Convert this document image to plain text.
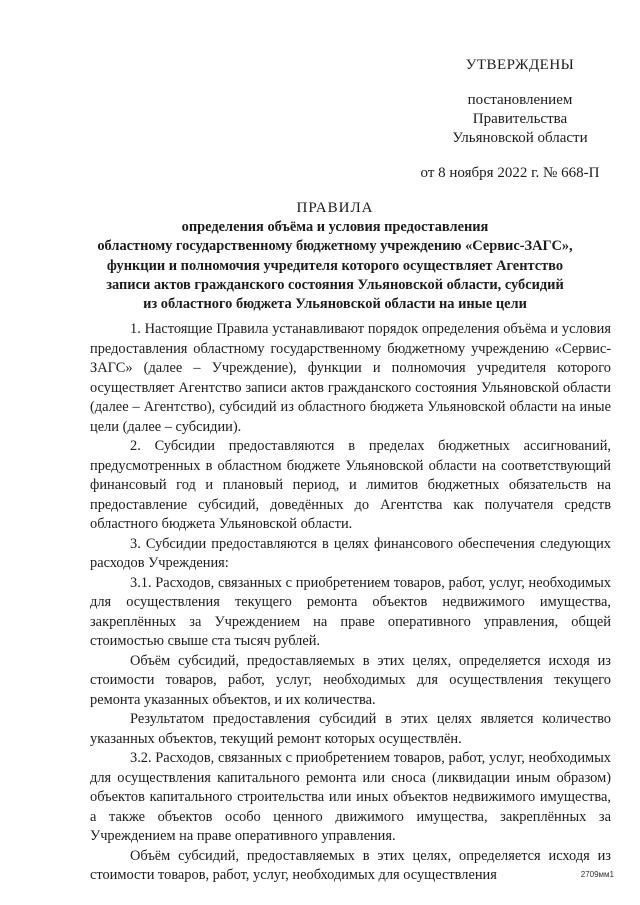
УТВЕРЖДЕНЫ
постановлением Правительства
Ульяновской области
от 8 ноября 2022 г. № 668-П
ПРАВИЛА
определения объёма и условия предоставления
областному государственному бюджетному учреждению «Сервис-ЗАГС»,
функции и полномочия учредителя которого осуществляет Агентство
записи актов гражданского состояния Ульяновской области, субсидий
из областного бюджета Ульяновской области на иные цели

1. Настоящие Правила устанавливают порядок определения объёма и условия предоставления областному государственному бюджетному учреждению «Сервис-ЗАГС» (далее – Учреждение), функции и полномочия учредителя которого осуществляет Агентство записи актов гражданского состояния Ульяновской области (далее – Агентство), субсидий из областного бюджета Ульяновской области на иные цели (далее – субсидии).

2. Субсидии предоставляются в пределах бюджетных ассигнований, предусмотренных в областном бюджете Ульяновской области на соответствующий финансовый год и плановый период, и лимитов бюджетных обязательств на предоставление субсидий, доведённых до Агентства как получателя средств областного бюджета Ульяновской области.

3. Субсидии предоставляются в целях финансового обеспечения следующих расходов Учреждения:

3.1. Расходов, связанных с приобретением товаров, работ, услуг, необходимых для осуществления текущего ремонта объектов недвижимого имущества, закреплённых за Учреждением на праве оперативного управления, общей стоимостью свыше ста тысяч рублей.

Объём субсидий, предоставляемых в этих целях, определяется исходя из стоимости товаров, работ, услуг, необходимых для осуществления текущего ремонта указанных объектов, и их количества.

Результатом предоставления субсидий в этих целях является количество указанных объектов, текущий ремонт которых осуществлён.

3.2. Расходов, связанных с приобретением товаров, работ, услуг, необходимых для осуществления капитального ремонта или сноса (ликвидации иным образом) объектов капитального строительства или иных объектов недвижимого имущества, а также объектов особо ценного движимого имущества, закреплённых за Учреждением на праве оперативного управления.

Объём субсидий, предоставляемых в этих целях, определяется исходя из стоимости товаров, работ, услуг, необходимых для осуществления	2709мм1
